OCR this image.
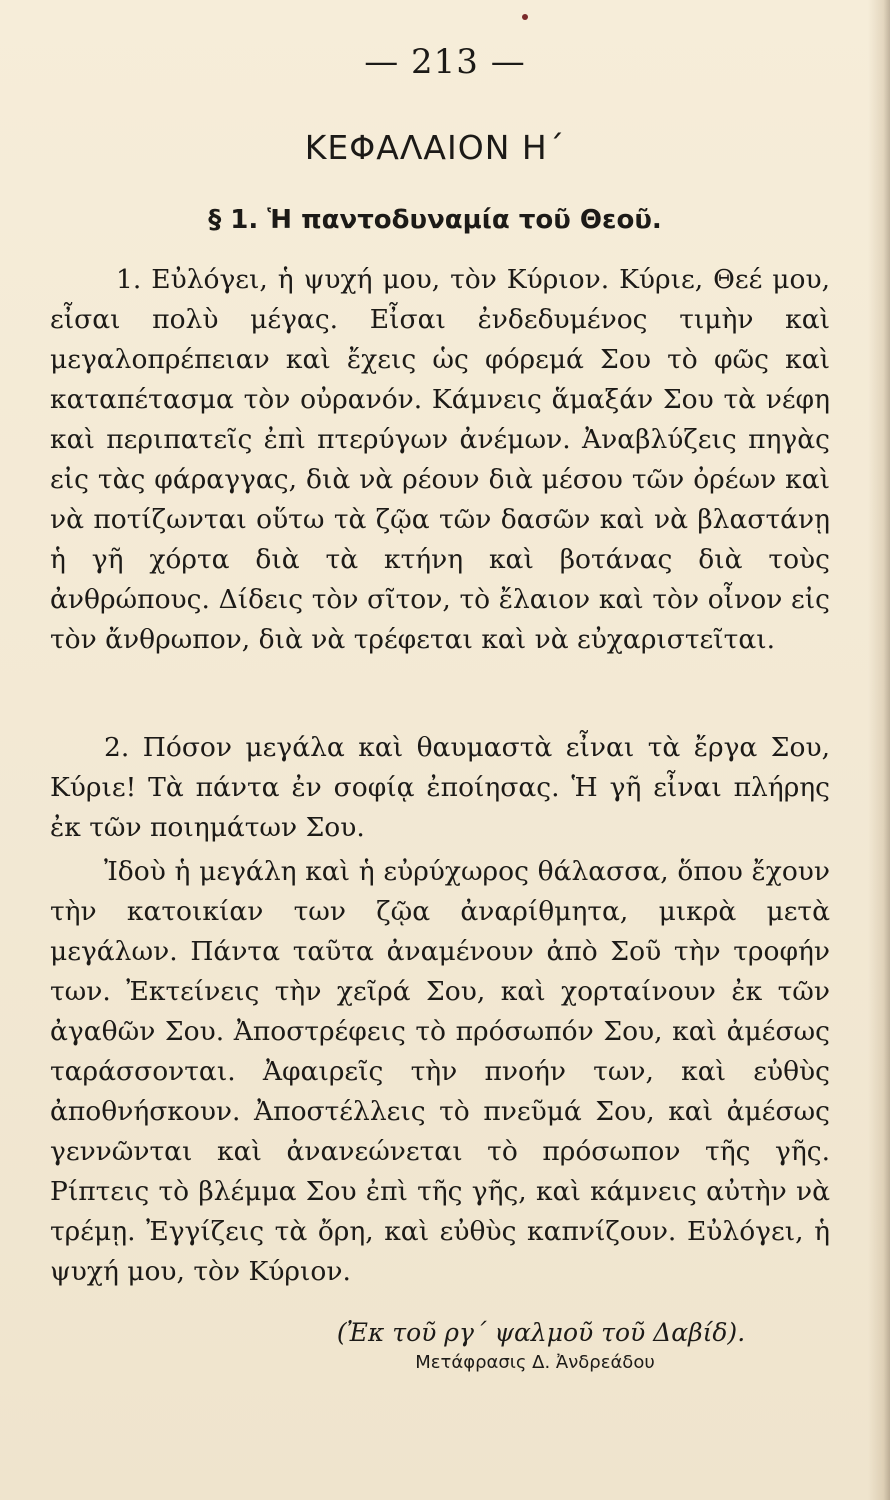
— 213 —
ΚΕΦΑΛΑΙΟΝ Η΄
§ 1. Ἡ παντοδυναμία τοῦ Θεοῦ.

1. Εὐλόγει, ἡ ψυχή μου, τὸν Κύριον. Κύριε, Θεέ μου, εἶσαι πολὺ μέγας. Εἶσαι ἐνδεδυμένος τιμὴν καὶ μεγαλοπρέπειαν καὶ ἔχεις ὡς φόρεμά Σου τὸ φῶς καὶ καταπέτασμα τὸν οὐρανόν. Κάμνεις ἅμαξάν Σου τὰ νέφη καὶ περιπατεῖς ἐπὶ πτερύγων ἀνέμων. Ἀναβλύζεις πηγὰς εἰς τὰς φάραγγας, διὰ νὰ ρέουν διὰ μέσου τῶν ὀρέων καὶ νὰ ποτίζωνται οὕτω τὰ ζῷα τῶν δασῶν καὶ νὰ βλαστάνῃ ἡ γῆ χόρτα διὰ τὰ κτήνη καὶ βοτάνας διὰ τοὺς ἀνθρώπους. Δίδεις τὸν σῖτον, τὸ ἔλαιον καὶ τὸν οἶνον εἰς τὸν ἄνθρωπον, διὰ νὰ τρέφεται καὶ νὰ εὐχαριστεῖται.

2. Πόσον μεγάλα καὶ θαυμαστὰ εἶναι τὰ ἔργα Σου, Κύριε! Τὰ πάντα ἐν σοφίᾳ ἐποίησας. Ἡ γῆ εἶναι πλήρης ἐκ τῶν ποιημάτων Σου.

Ἰδοὺ ἡ μεγάλη καὶ ἡ εὐρύχωρος θάλασσα, ὅπου ἔχουν τὴν κατοικίαν των ζῷα ἀναρίθμητα, μικρὰ μετὰ μεγάλων. Πάντα ταῦτα ἀναμένουν ἀπὸ Σοῦ τὴν τροφήν των. Ἐκτείνεις τὴν χεῖρά Σου, καὶ χορταίνουν ἐκ τῶν ἀγαθῶν Σου. Ἀποστρέφεις τὸ πρόσωπόν Σου, καὶ ἀμέσως ταράσσονται. Ἀφαιρεῖς τὴν πνοήν των, καὶ εὐθὺς ἀποθνήσκουν. Ἀποστέλλεις τὸ πνεῦμά Σου, καὶ ἀμέσως γεννῶνται καὶ ἀνανεώνεται τὸ πρόσωπον τῆς γῆς. Ρίπτεις τὸ βλέμμα Σου ἐπὶ τῆς γῆς, καὶ κάμνεις αὐτὴν νὰ τρέμῃ. Ἐγγίζεις τὰ ὄρη, καὶ εὐθὺς καπνίζουν. Εὐλόγει, ἡ ψυχή μου, τὸν Κύριον.

(Ἐκ τοῦ ργ΄ ψαλμοῦ τοῦ Δαβίδ).
Μετάφρασις Δ. Ἀνδρεάδου
